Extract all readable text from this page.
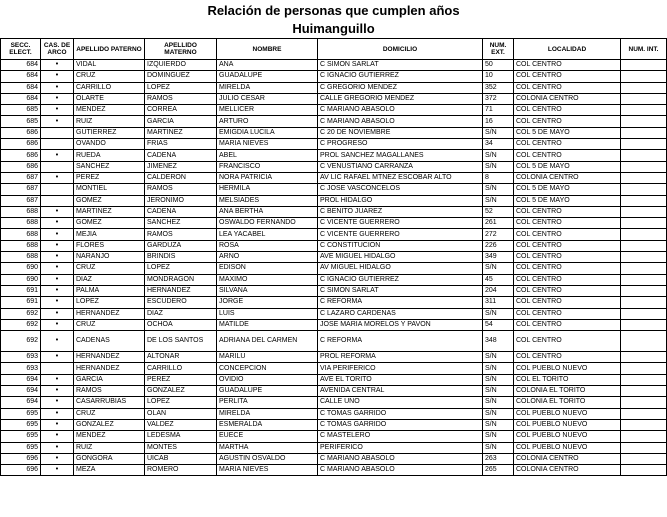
Relación de personas que cumplen años
Huimanguillo
SECC. ELECT.	CAS. DE ARCO	APELLIDO PATERNO	APELLIDO MATERNO	NOMBRE	DOMICILIO	NUM. EXT.	LOCALIDAD	NUM. INT.
684	•	VIDAL	IZQUIERDO	ANA	C SIMON SARLAT	50	COL CENTRO	
684	•	CRUZ	DOMINGUEZ	GUADALUPE	C IGNACIO GUTIERREZ	10	COL CENTRO	
684	•	CARRILLO	LOPEZ	MIRELDA	C GREGORIO MENDEZ	352	COL CENTRO	
684	•	OLARTE	RAMOS	JULIO CESAR	CALLE GREGORIO MENDEZ	372	COLONIA CENTRO	
685	•	MENDEZ	CORREA	MELLICER	C MARIANO ABASOLO	71	COL CENTRO	
685	•	RUIZ	GARCIA	ARTURO	C MARIANO ABASOLO	16	COL CENTRO	
686		GUTIERREZ	MARTINEZ	EMIGDIA LUCILA	C 20 DE NOVIEMBRE	S/N	COL 5 DE MAYO	
686		OVANDO	FRIAS	MARIA NIEVES	C PROGRESO	34	COL CENTRO	
686	•	RUEDA	CADENA	ABEL	PROL SANCHEZ MAGALLANES	S/N	COL CENTRO	
686		SANCHEZ	JIMENEZ	FRANCISCO	C VENUSTIANO CARRANZA	S/N	COL 5 DE MAYO	
687	•	PEREZ	CALDERON	NORA PATRICIA	AV LIC RAFAEL MTNEZ ESCOBAR ALTO	8	COLONIA CENTRO	
687		MONTIEL	RAMOS	HERMILA	C JOSE VASCONCELOS	S/N	COL 5 DE MAYO	
687		GOMEZ	JERONIMO	MELSIADES	PROL HIDALGO	S/N	COL 5 DE MAYO	
688	•	MARTINEZ	CADENA	ANA BERTHA	C BENITO JUAREZ	52	COL CENTRO	
688	•	GOMEZ	SANCHEZ	OSWALDO FERNANDO	C VICENTE GUERRERO	261	COL CENTRO	
688	•	MEJIA	RAMOS	LEA YACABEL	C VICENTE GUERRERO	272	COL CENTRO	
688	•	FLORES	GARDUZA	ROSA	C CONSTITUCION	226	COL CENTRO	
688	•	NARANJO	BRINDIS	ARNO	AVE MIGUEL HIDALGO	349	COL CENTRO	
690	•	CRUZ	LOPEZ	EDISON	AV MIGUEL HIDALGO	S/N	COL CENTRO	
690	•	DIAZ	MONDRAGON	MAXIMO	C IGNACIO GUTIERREZ	45	COL CENTRO	
691	•	PALMA	HERNANDEZ	SILVANA	C SIMON SARLAT	204	COL CENTRO	
691	•	LOPEZ	ESCUDERO	JORGE	C REFORMA	311	COL CENTRO	
692	•	HERNANDEZ	DIAZ	LUIS	C LAZARO CARDENAS	S/N	COL CENTRO	
692	•	CRUZ	OCHOA	MATILDE	JOSE MARIA MORELOS Y PAVON	54	COL CENTRO	
692	•	CADENAS	DE LOS SANTOS	ADRIANA DEL CARMEN	C REFORMA	348	COL CENTRO	
693	•	HERNANDEZ	ALTONAR	MARILU	PROL REFORMA	S/N	COL CENTRO	
693		HERNANDEZ	CARRILLO	CONCEPCION	VIA PERIFERICO	S/N	COL PUEBLO NUEVO	
694	•	GARCIA	PEREZ	OVIDIO	AVE EL TORITO	S/N	COL EL TORITO	
694	•	RAMOS	GONZALEZ	GUADALUPE	AVENIDA CENTRAL	S/N	COLONIA EL TORITO	
694	•	CASARRUBIAS	LOPEZ	PERLITA	CALLE UNO	S/N	COLONIA EL TORITO	
695	•	CRUZ	OLAN	MIRELDA	C TOMAS GARRIDO	S/N	COL PUEBLO NUEVO	
695	•	GONZALEZ	VALDEZ	ESMERALDA	C TOMAS GARRIDO	S/N	COL PUEBLO NUEVO	
695	•	MENDEZ	LEDESMA	EUECE	C MASTELERO	S/N	COL PUEBLO NUEVO	
695	•	RUIZ	MONTES	MARTHA	PERIFERICO	S/N	COL PUEBLO NUEVO	
696	•	GONGORA	UICAB	AGUSTIN OSVALDO	C MARIANO ABASOLO	263	COLONIA CENTRO	
696	•	MEZA	ROMERO	MARIA NIEVES	C MARIANO ABASOLO	265	COLONIA CENTRO	
